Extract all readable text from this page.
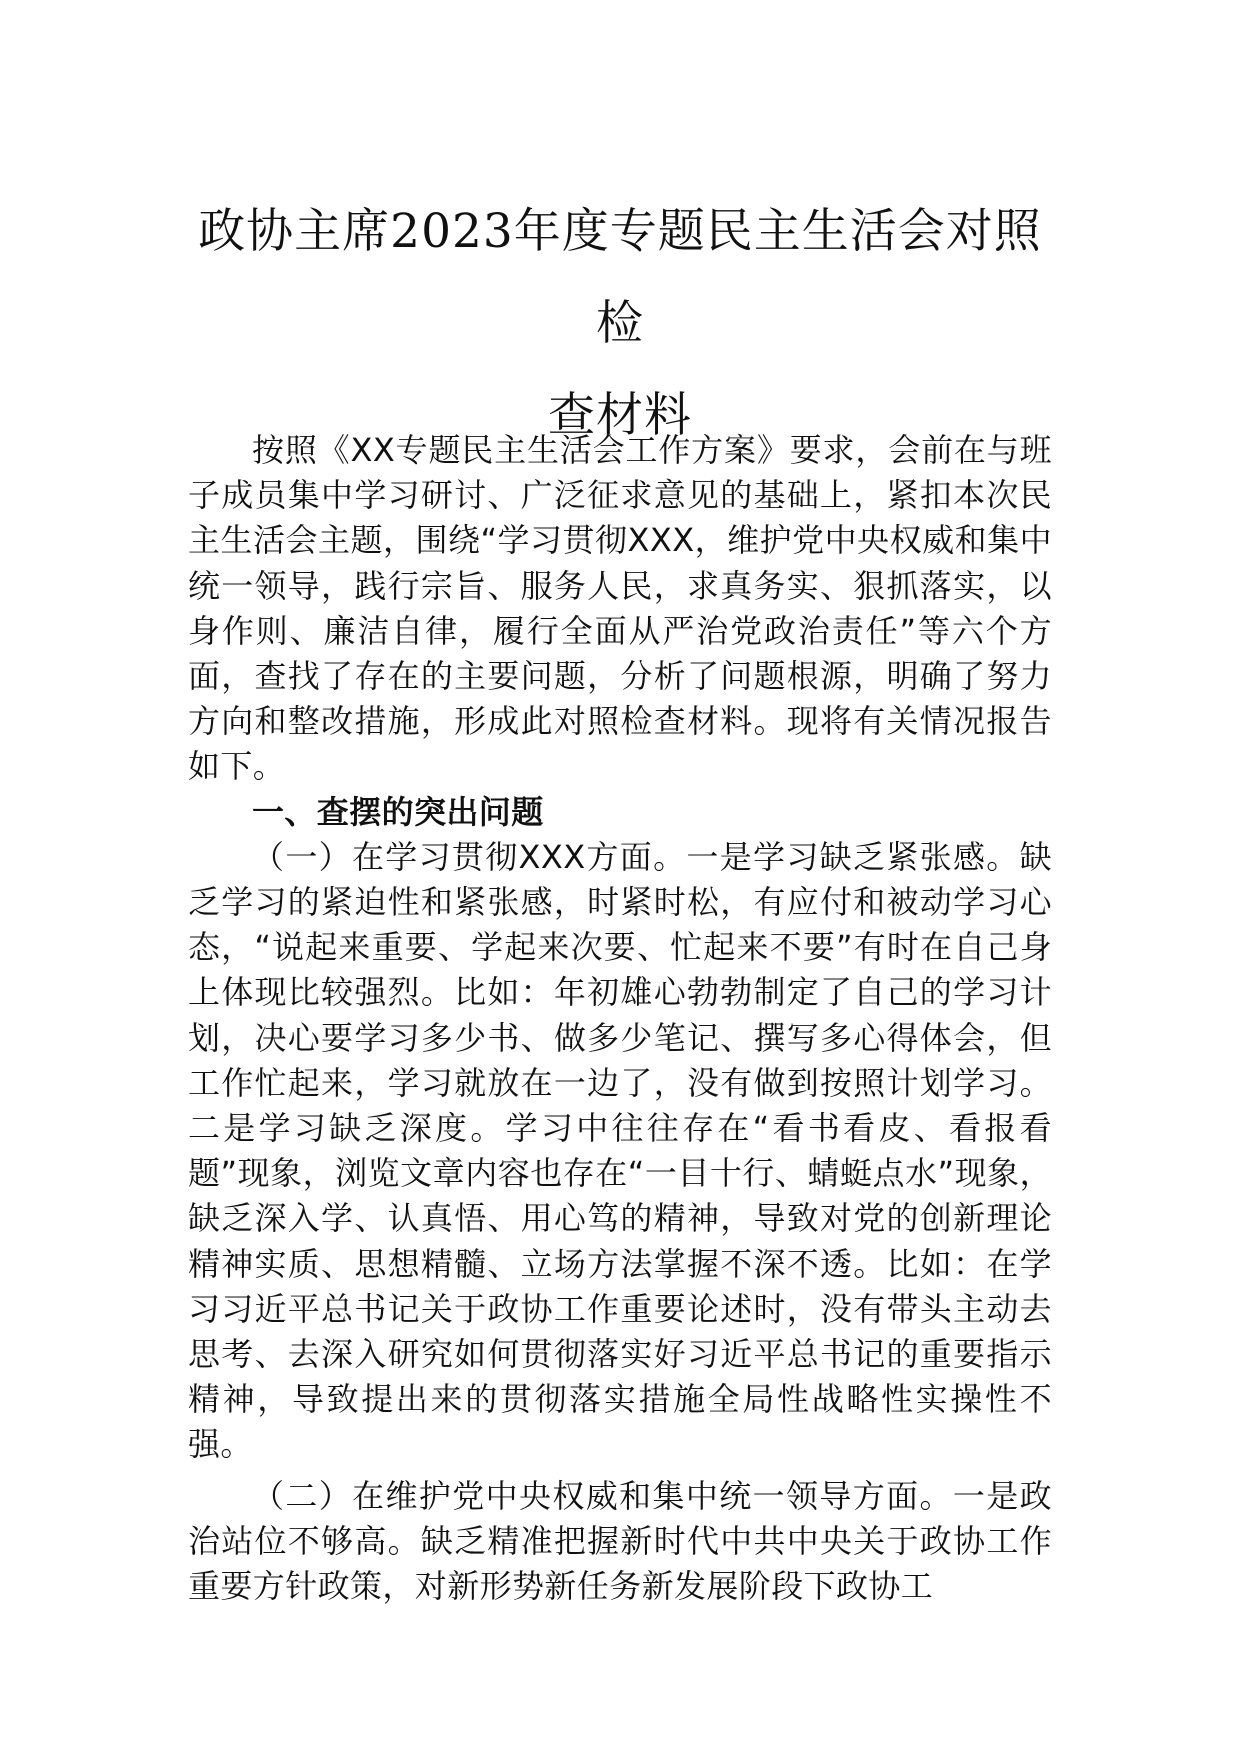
政协主席2023年度专题民主生活会对照检
查材料

按照《XX专题民主生活会工作方案》要求，会前在与班子成员集中学习研讨、广泛征求意见的基础上，紧扣本次民主生活会主题，围绕“学习贯彻XXX，维护党中央权威和集中统一领导，践行宗旨、服务人民，求真务实、狠抓落实，以身作则、廉洁自律，履行全面从严治党政治责任”等六个方面，查找了存在的主要问题，分析了问题根源，明确了努力方向和整改措施，形成此对照检查材料。现将有关情况报告如下。

一、查摆的突出问题

（一）在学习贯彻XXX方面。一是学习缺乏紧张感。缺乏学习的紧迫性和紧张感，时紧时松，有应付和被动学习心态，“说起来重要、学起来次要、忙起来不要”有时在自己身上体现比较强烈。比如：年初雄心勃勃制定了自己的学习计划，决心要学习多少书、做多少笔记、撰写多心得体会，但工作忙起来，学习就放在一边了，没有做到按照计划学习。二是学习缺乏深度。学习中往往存在“看书看皮、看报看题”现象，浏览文章内容也存在“一目十行、蜻蜓点水”现象，缺乏深入学、认真悟、用心笃的精神，导致对党的创新理论精神实质、思想精髓、立场方法掌握不深不透。比如：在学习习近平总书记关于政协工作重要论述时，没有带头主动去思考、去深入研究如何贯彻落实好习近平总书记的重要指示精神，导致提出来的贯彻落实措施全局性战略性实操性不强。

（二）在维护党中央权威和集中统一领导方面。一是政治站位不够高。缺乏精准把握新时代中共中央关于政协工作重要方针政策，对新形势新任务新发展阶段下政协工
